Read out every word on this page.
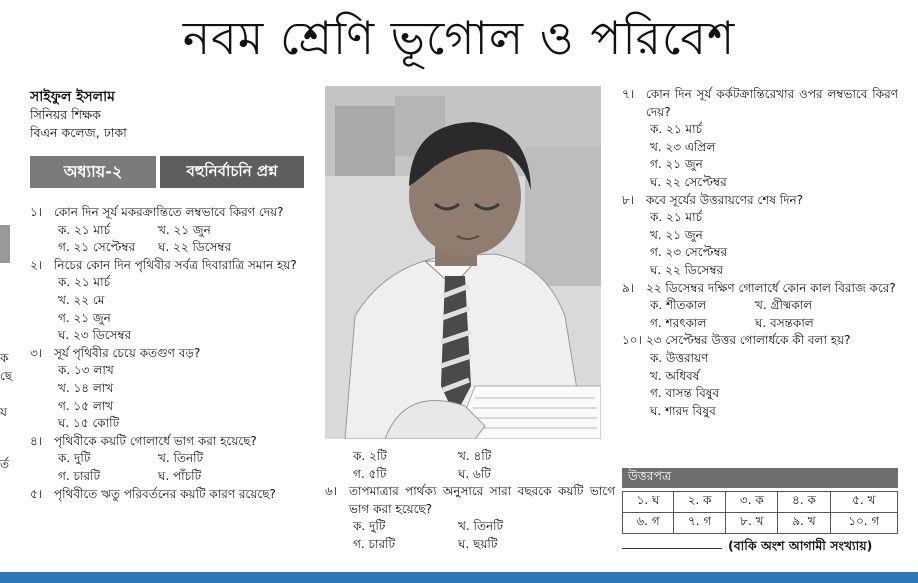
নবম শ্রেণি ভূগোল ও পরিবেশ
ক
ছে
য
র্ত
সাইফুল ইসলাম
সিনিয়র শিক্ষক
বিএন কলেজ, ঢাকা
অধ্যায়-২	বহুনির্বাচনি প্রশ্ন
১। কোন দিন সূর্য মকরক্রান্তিতে লম্বভাবে কিরণ দেয়?
ক. ২১ মার্চ	খ. ২১ জুন
গ. ২১ সেপ্টেম্বর	ঘ. ২২ ডিসেম্বর
২। নিচের কোন দিন পৃথিবীর সর্বত্র দিবারাত্রি সমান হয়?
ক. ২১ মার্চ
খ. ২২ মে
গ. ২১ জুন
ঘ. ২৩ ডিসেম্বর
৩। সূর্য পৃথিবীর চেয়ে কতগুণ বড়?
ক. ১৩ লাখ
খ. ১৪ লাখ
গ. ১৫ লাখ
ঘ. ১৫ কোটি
৪। পৃথিবীকে কয়টি গোলার্ধে ভাগ করা হয়েছে?
ক. দুটি	খ. তিনটি
গ. চারটি	ঘ. পাঁচটি
৫। পৃথিবীতে ঋতু পরিবর্তনের কয়টি কারণ রয়েছে?
ক. ২টি	খ. ৪টি
গ. ৫টি	ঘ. ৬টি
৬। তাপমাত্রার পার্থক্য অনুসারে সারা বছরকে কয়টি ভাগে ভাগ করা হয়েছে?
ক. দুটি	খ. তিনটি
গ. চারটি	ঘ. ছয়টি
৭। কোন দিন সূর্য কর্কটক্রান্তিরেখার ওপর লম্বভাবে কিরণ দেয়?
ক. ২১ মার্চ
খ. ২৩ এপ্রিল
গ. ২১ জুন
ঘ. ২২ সেপ্টেম্বর
৮। কবে সূর্যের উত্তরায়ণের শেষ দিন?
ক. ২১ মার্চ
খ. ২১ জুন
গ. ২৩ সেপ্টেম্বর
ঘ. ২২ ডিসেম্বর
৯। ২২ ডিসেম্বর দক্ষিণ গোলার্ধে কোন কাল বিরাজ করে?
ক. শীতকাল	খ. গ্রীষ্মকাল
গ. শরৎকাল	ঘ. বসন্তকাল
১০। ২৩ সেপ্টেম্বর উত্তর গোলার্ধকে কী বলা হয়?
ক. উত্তরায়ণ
খ. অধিবর্ষ
গ. বাসন্ত বিষুব
ঘ. শারদ বিষুব
উত্তরপত্র
১. ঘ	২. ক	৩. ক	৪. ক	৫. খ
৬. গ	৭. গ	৮. খ	৯. খ	১০. গ
(বাকি অংশ আগামী সংখ্যায়)
